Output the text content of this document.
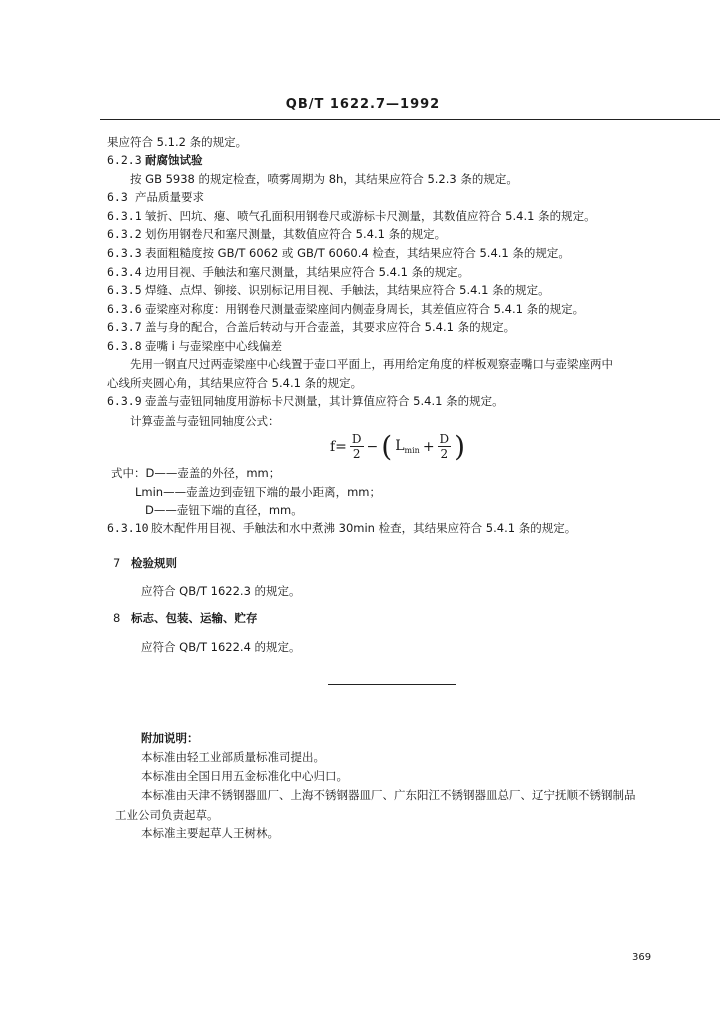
QB/T 1622.7—1992
果应符合 5.1.2 条的规定。
6.2.3 耐腐蚀试验
按 GB 5938 的规定检查，喷雾周期为 8h，其结果应符合 5.2.3 条的规定。
6.3 产品质量要求
6.3.1 皱折、凹坑、瘪、喷气孔面积用钢卷尺或游标卡尺测量，其数值应符合 5.4.1 条的规定。
6.3.2 划伤用钢卷尺和塞尺测量，其数值应符合 5.4.1 条的规定。
6.3.3 表面粗糙度按 GB/T 6062 或 GB/T 6060.4 检查，其结果应符合 5.4.1 条的规定。
6.3.4 边用目视、手触法和塞尺测量，其结果应符合 5.4.1 条的规定。
6.3.5 焊缝、点焊、铆接、识别标记用目视、手触法，其结果应符合 5.4.1 条的规定。
6.3.6 壶梁座对称度：用钢卷尺测量壶梁座间内侧壶身周长，其差值应符合 5.4.1 条的规定。
6.3.7 盖与身的配合，合盖后转动与开合壶盖，其要求应符合 5.4.1 条的规定。
6.3.8 壶嘴 i 与壶梁座中心线偏差
先用一钢直尺过两壶梁座中心线置于壶口平面上，再用给定角度的样板观察壶嘴口与壶梁座两中
心线所夹圆心角，其结果应符合 5.4.1 条的规定。
6.3.9 壶盖与壶钮同轴度用游标卡尺测量，其计算值应符合 5.4.1 条的规定。
计算壶盖与壶钮同轴度公式：
$f= \frac{D}{2}$ − ( $L_{min} + \frac{D}{2}$ )
式中：D——壶盖的外径，mm；
Lmin——壶盖边到壶钮下端的最小距离，mm；
D——壶钮下端的直径，mm。
6.3.10 胶木配件用目视、手触法和水中煮沸 30min 检查，其结果应符合 5.4.1 条的规定。
7 检验规则
应符合 QB/T 1622.3 的规定。
8 标志、包装、运输、贮存
应符合 QB/T 1622.4 的规定。
附加说明：
本标准由轻工业部质量标准司提出。
本标准由全国日用五金标准化中心归口。
本标准由天津不锈钢器皿厂、上海不锈钢器皿厂、广东阳江不锈钢器皿总厂、辽宁抚顺不锈钢制品
工业公司负责起草。
本标准主要起草人王树林。
369
